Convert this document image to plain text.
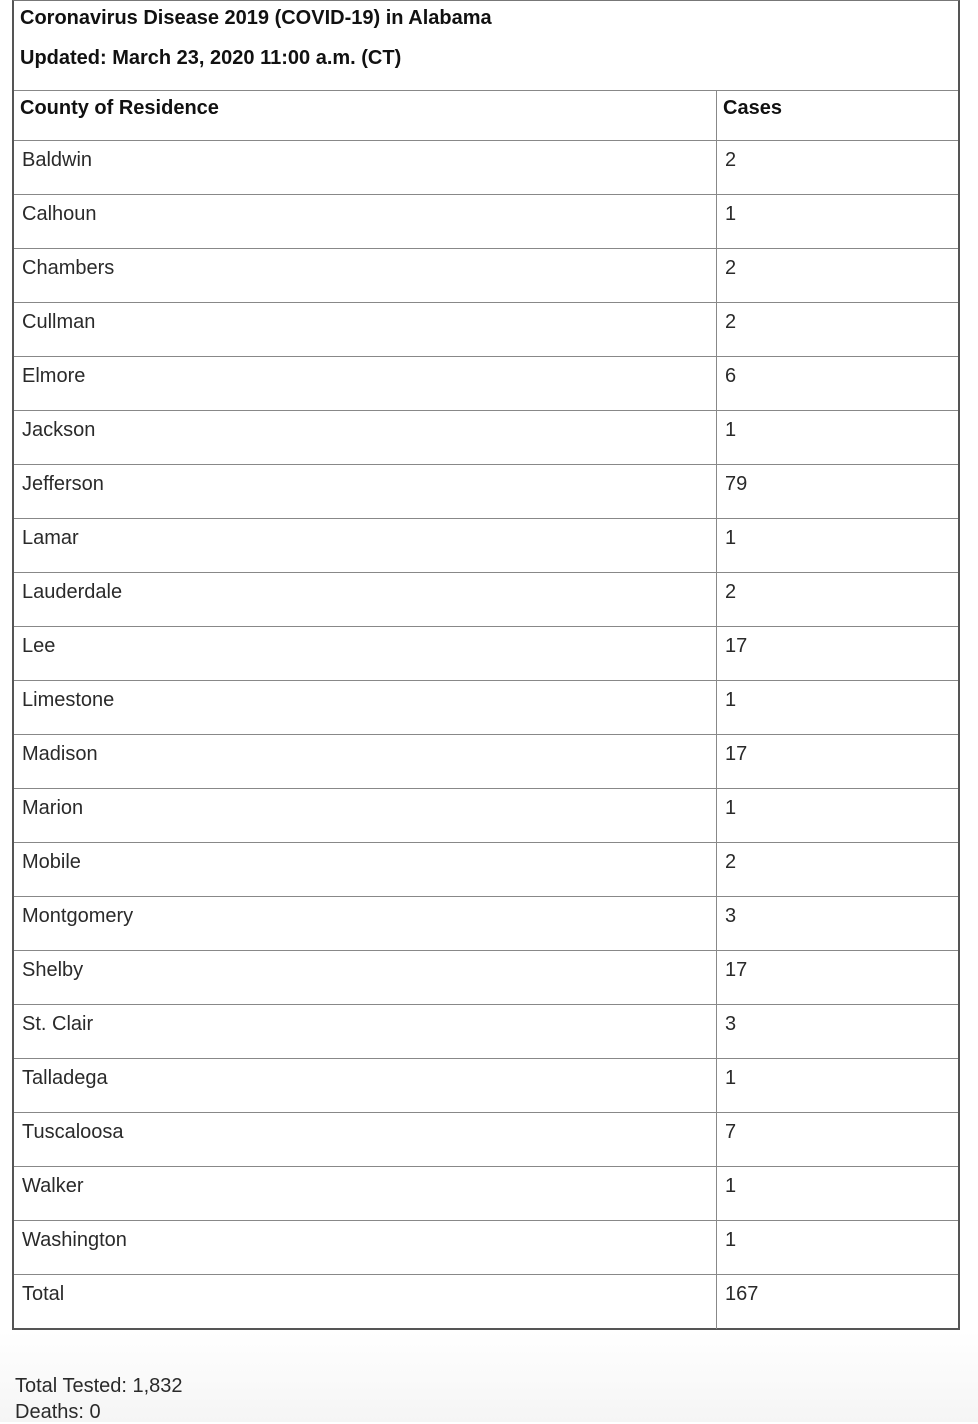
Coronavirus Disease 2019 (COVID-19) in Alabama
Updated: March 23, 2020 11:00 a.m. (CT)
County of Residence	Cases
Baldwin	2
Calhoun	1
Chambers	2
Cullman	2
Elmore	6
Jackson	1
Jefferson	79
Lamar	1
Lauderdale	2
Lee	17
Limestone	1
Madison	17
Marion	1
Mobile	2
Montgomery	3
Shelby	17
St. Clair	3
Talladega	1
Tuscaloosa	7
Walker	1
Washington	1
Total	167
Total Tested: 1,832
Deaths: 0
